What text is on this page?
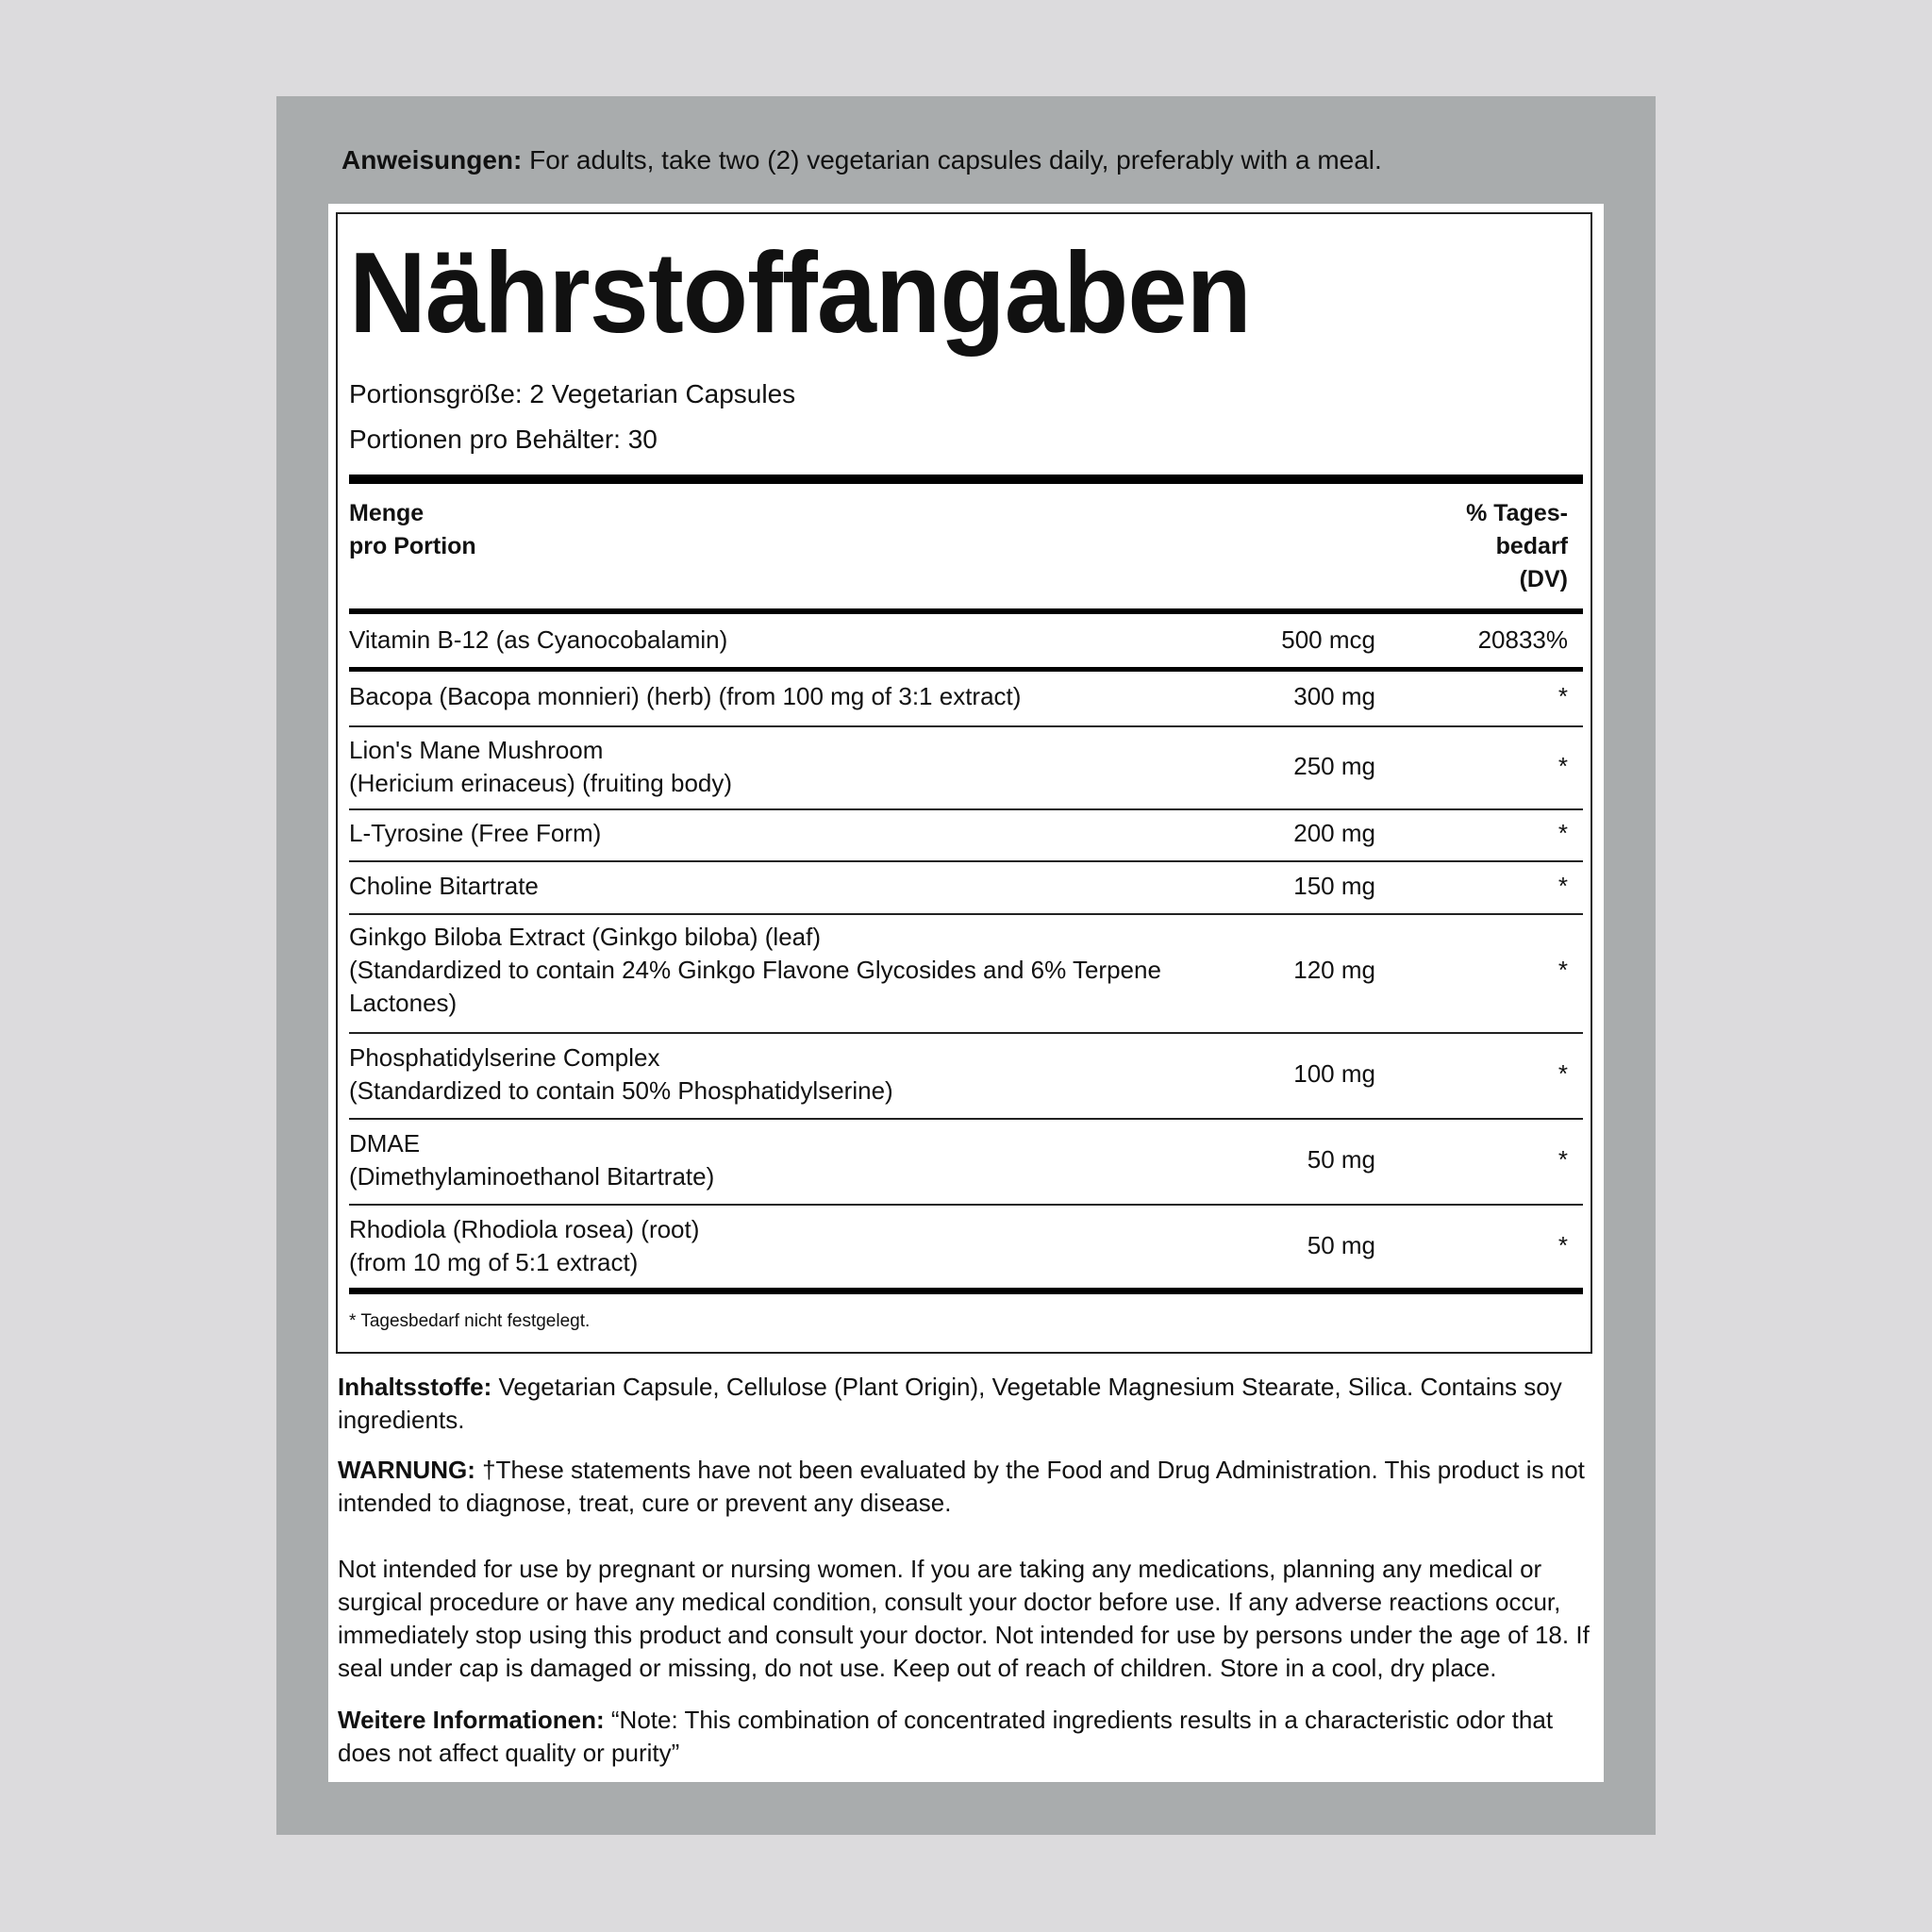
Anweisungen: For adults, take two (2) vegetarian capsules daily, preferably with a meal.
Nährstoffangaben
Portionsgröße: 2 Vegetarian Capsules
Portionen pro Behälter: 30
Menge
pro Portion
% Tages-
bedarf
(DV)
Vitamin B-12 (as Cyanocobalamin)	500 mcg	20833%
Bacopa (Bacopa monnieri) (herb) (from 100 mg of 3:1 extract)	300 mg	*
Lion's Mane Mushroom
(Hericium erinaceus) (fruiting body)
250 mg	*
L-Tyrosine (Free Form)	200 mg	*
Choline Bitartrate	150 mg	*
Ginkgo Biloba Extract (Ginkgo biloba) (leaf)
(Standardized to contain 24% Ginkgo Flavone Glycosides and 6% Terpene
Lactones)
120 mg	*
Phosphatidylserine Complex
(Standardized to contain 50% Phosphatidylserine)
100 mg	*
DMAE
(Dimethylaminoethanol Bitartrate)
50 mg	*
Rhodiola (Rhodiola rosea) (root)
(from 10 mg of 5:1 extract)
50 mg	*
* Tagesbedarf nicht festgelegt.
Inhaltsstoffe: Vegetarian Capsule, Cellulose (Plant Origin), Vegetable Magnesium Stearate, Silica. Contains soy ingredients.
WARNUNG: †These statements have not been evaluated by the Food and Drug Administration. This product is not intended to diagnose, treat, cure or prevent any disease.
Not intended for use by pregnant or nursing women. If you are taking any medications, planning any medical or surgical procedure or have any medical condition, consult your doctor before use. If any adverse reactions occur, immediately stop using this product and consult your doctor. Not intended for use by persons under the age of 18. If seal under cap is damaged or missing, do not use. Keep out of reach of children. Store in a cool, dry place.
Weitere Informationen: “Note: This combination of concentrated ingredients results in a characteristic odor that does not affect quality or purity”
